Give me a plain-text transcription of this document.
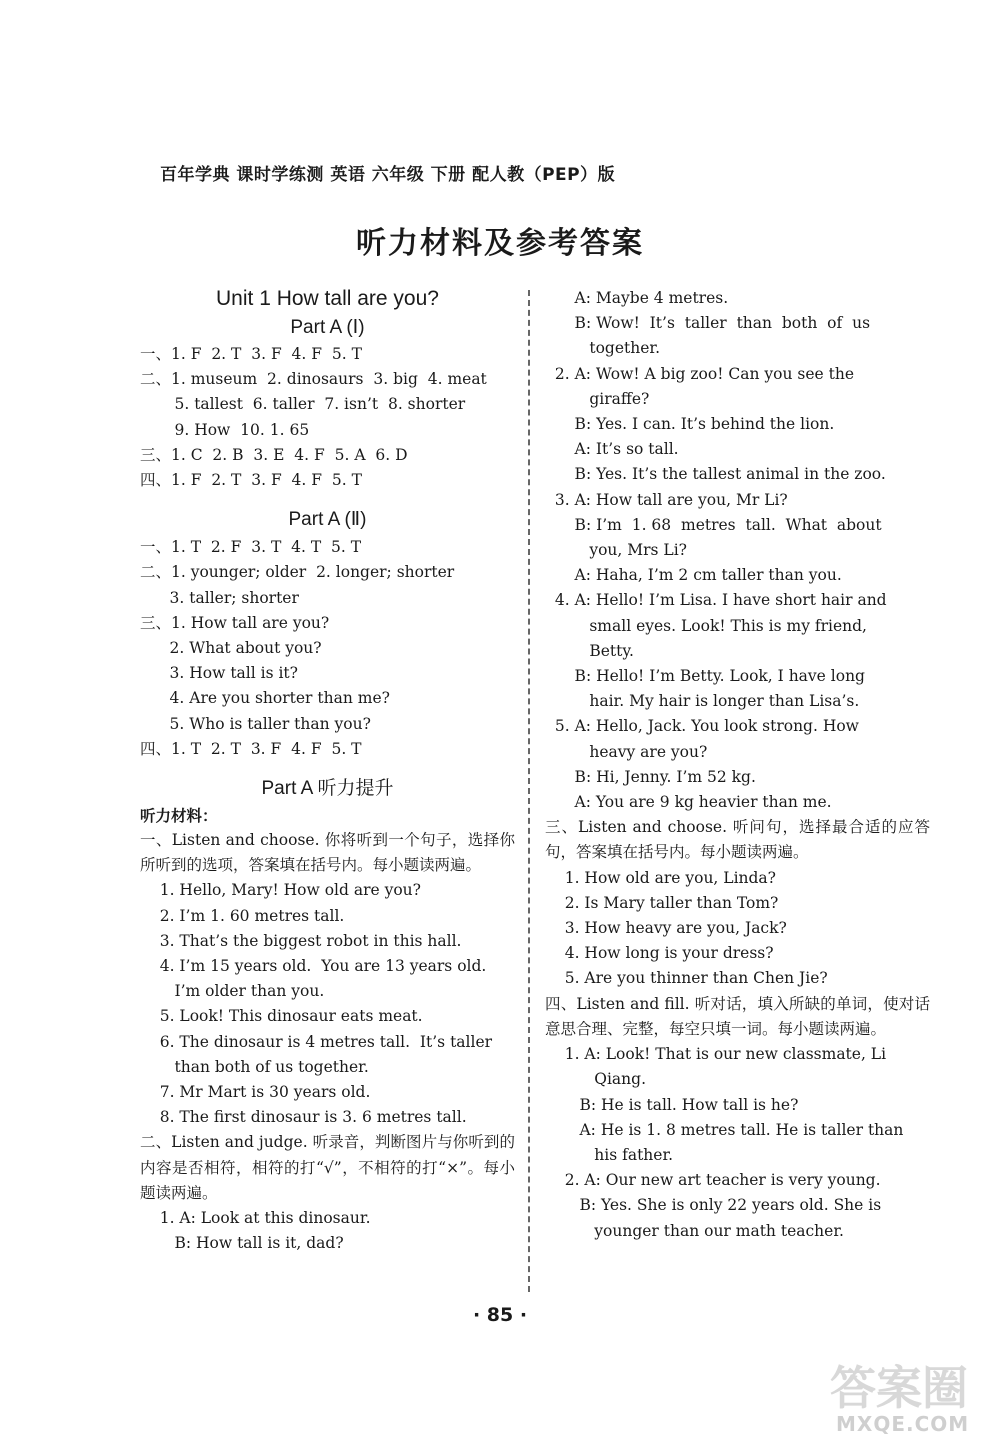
百年学典 课时学练测 英语 六年级 下册 配人教（PEP）版
听力材料及参考答案
Unit 1 How tall are you?
Part A (Ⅰ)
一、1. F  2. T  3. F  4. F  5. T
二、1. museum  2. dinosaurs  3. big  4. meat
5. tallest  6. taller  7. isn’t  8. shorter
9. How  10. 1. 65
三、1. C  2. B  3. E  4. F  5. A  6. D
四、1. F  2. T  3. F  4. F  5. T
Part A (Ⅱ)
一、1. T  2. F  3. T  4. T  5. T
二、1. younger; older  2. longer; shorter
3. taller; shorter
三、1. How tall are you?
2. What about you?
3. How tall is it?
4. Are you shorter than me?
5. Who is taller than you?
四、1. T  2. T  3. F  4. F  5. T
Part A 听力提升
听力材料：
一、Listen and choose. 你将听到一个句子，选择你所听到的选项，答案填在括号内。每小题读两遍。
1. Hello, Mary! How old are you?
2. I’m 1. 60 metres tall.
3. That’s the biggest robot in this hall.
4. I’m 15 years old.  You are 13 years old.
I’m older than you.
5. Look! This dinosaur eats meat.
6. The dinosaur is 4 metres tall.  It’s taller
than both of us together.
7. Mr Mart is 30 years old.
8. The first dinosaur is 3. 6 metres tall.
二、Listen and judge. 听录音，判断图片与你听到的内容是否相符，相符的打“√”，不相符的打“×”。每小题读两遍。
1. A: Look at this dinosaur.
B: How tall is it, dad?
A: Maybe 4 metres.
B: Wow!  It’s  taller  than  both  of  us
together.
2. A: Wow! A big zoo! Can you see the
giraffe?
B: Yes. I can. It’s behind the lion.
A: It’s so tall.
B: Yes. It’s the tallest animal in the zoo.
3. A: How tall are you, Mr Li?
B: I’m  1. 68  metres  tall.  What  about
you, Mrs Li?
A: Haha, I’m 2 cm taller than you.
4. A: Hello! I’m Lisa. I have short hair and
small eyes. Look! This is my friend,
Betty.
B: Hello! I’m Betty. Look, I have long
hair. My hair is longer than Lisa’s.
5. A: Hello, Jack. You look strong. How
heavy are you?
B: Hi, Jenny. I’m 52 kg.
A: You are 9 kg heavier than me.
三、Listen and choose. 听问句，选择最合适的应答句，答案填在括号内。每小题读两遍。
1. How old are you, Linda?
2. Is Mary taller than Tom?
3. How heavy are you, Jack?
4. How long is your dress?
5. Are you thinner than Chen Jie?
四、Listen and fill. 听对话，填入所缺的单词，使对话意思合理、完整，每空只填一词。每小题读两遍。
1. A: Look! That is our new classmate, Li
Qiang.
B: He is tall. How tall is he?
A: He is 1. 8 metres tall. He is taller than
his father.
2. A: Our new art teacher is very young.
B: Yes. She is only 22 years old. She is
younger than our math teacher.
· 85 ·
答案圈
MXQE.COM
